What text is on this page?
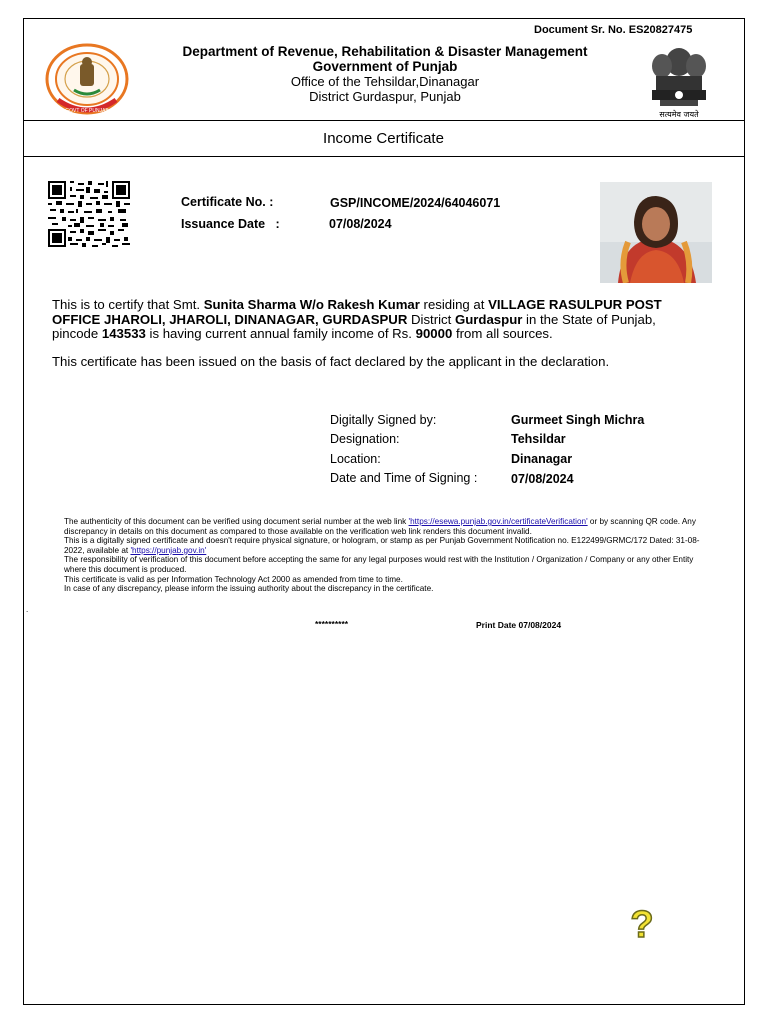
Document Sr. No. ES20827475
GOVT OF PUNJAB
Department of Revenue, Rehabilitation & Disaster Management
Government of Punjab
Office of the Tehsildar,Dinanagar
District Gurdaspur, Punjab
सत्यमेव जयते
Income Certificate
Certificate No. :	GSP/INCOME/2024/64046071
Issuance Date   :	07/08/2024
This is to certify that Smt. Sunita Sharma W/o Rakesh Kumar residing at VILLAGE RASULPUR POST OFFICE JHAROLI, JHAROLI, DINANAGAR, GURDASPUR District Gurdaspur in the State of Punjab, pincode 143533 is having current annual family income of Rs. 90000 from all sources.
This certificate has been issued on the basis of fact declared by the applicant in the declaration.
Digitally Signed by:	Gurmeet Singh Michra
Designation:	Tehsildar
Location:	Dinanagar
Date and Time of Signing :	07/08/2024
The authenticity of this document can be verified using document serial number at the web link 'https://esewa.punjab.gov.in/certificateVerification' or by scanning QR code. Any discrepancy in details on this document as compared to those available on the verification web link renders this document invalid.
This is a digitally signed certificate and doesn't require physical signature, or hologram, or stamp as per Punjab Government Notification no. E122499/GRMC/172 Dated: 31-08-2022, available at 'https://punjab.gov.in'
The responsibility of verification of this document before accepting the same for any legal purposes would rest with the Institution / Organization / Company or any other Entity where this document is produced.
This certificate is valid as per Information Technology Act 2000 as amended from time to time.
In case of any discrepancy, please inform the issuing authority about the discrepancy in the certificate.
.
**********	Print Date 07/08/2024
?
